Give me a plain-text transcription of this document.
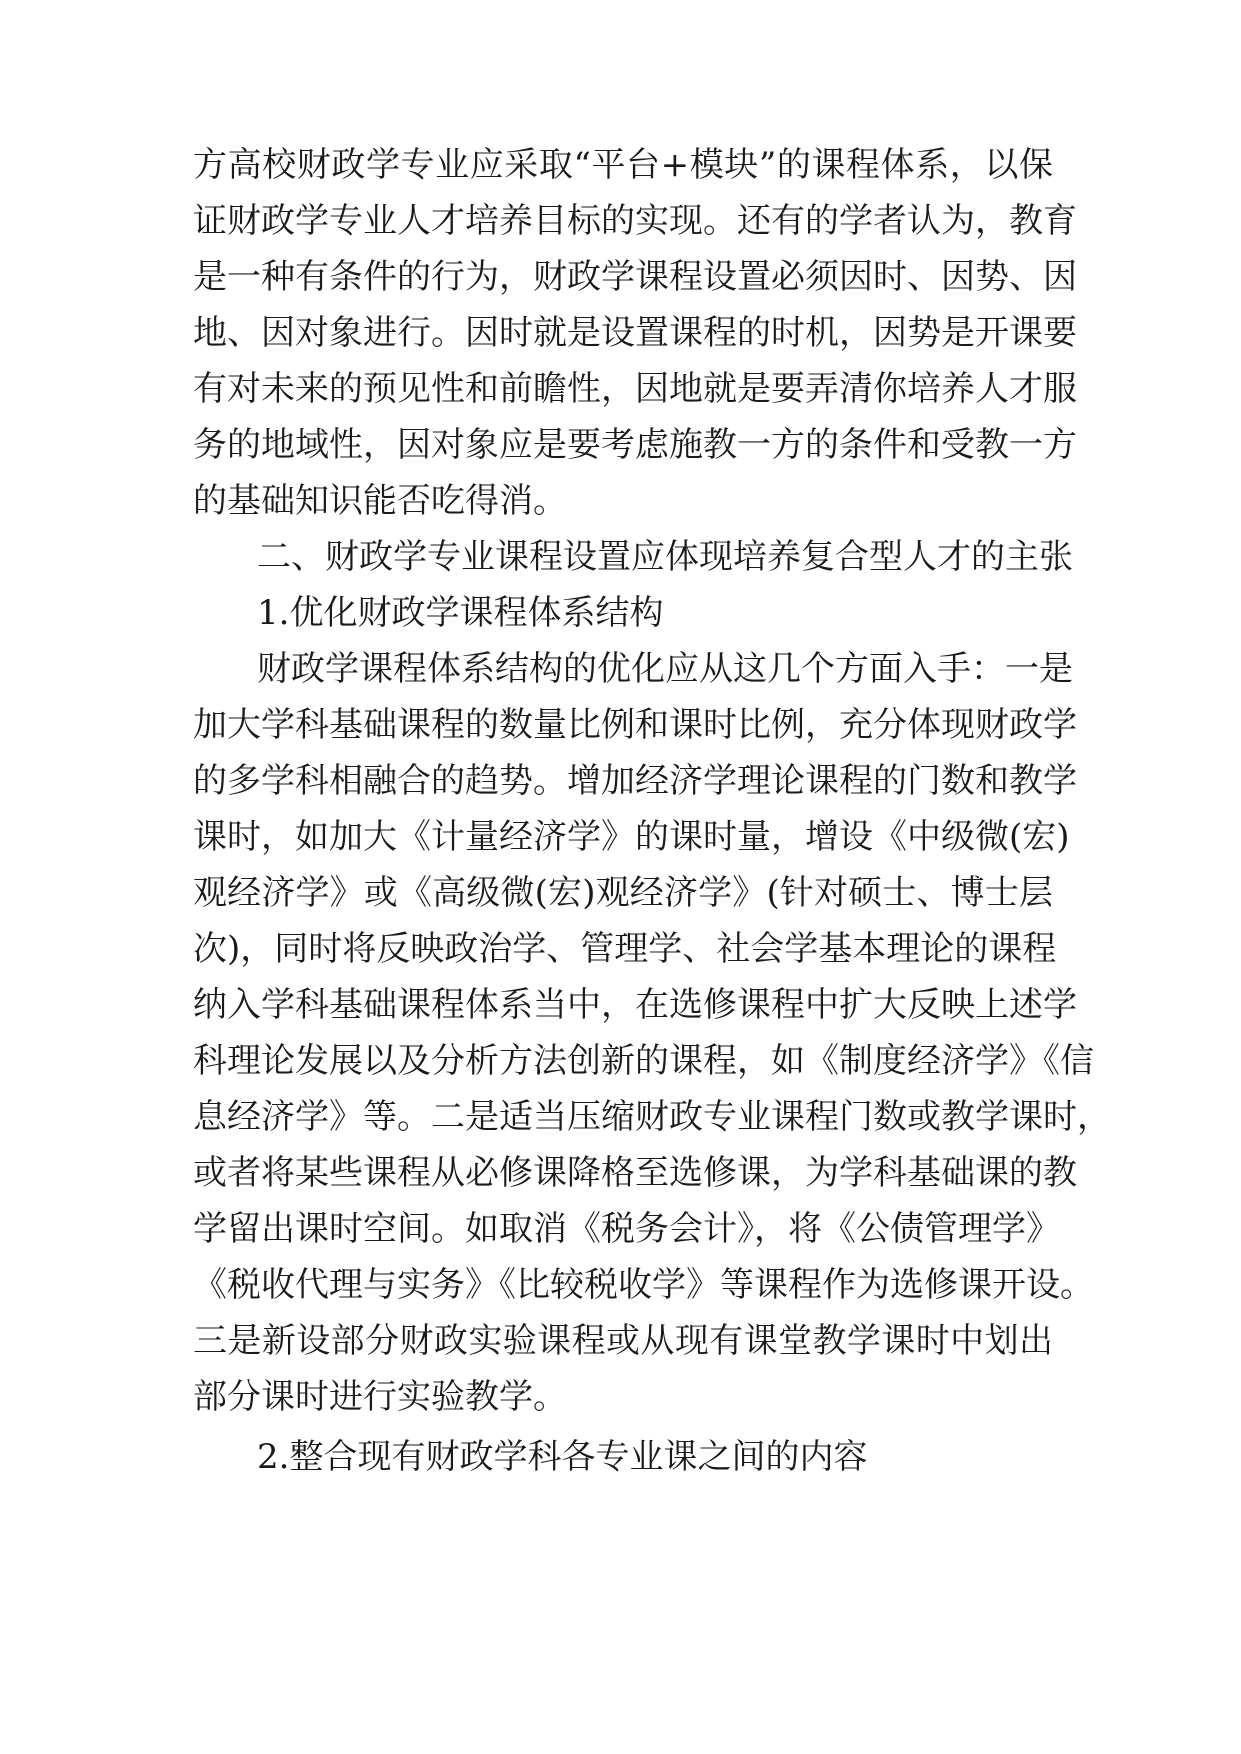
方高校财政学专业应采取“平台+模块”的课程体系，以保
证财政学专业人才培养目标的实现。还有的学者认为，教育
是一种有条件的行为，财政学课程设置必须因时、因势、因
地、因对象进行。因时就是设置课程的时机，因势是开课要
有对未来的预见性和前瞻性，因地就是要弄清你培养人才服
务的地域性，因对象应是要考虑施教一方的条件和受教一方
的基础知识能否吃得消。
二、财政学专业课程设置应体现培养复合型人才的主张
1.优化财政学课程体系结构
财政学课程体系结构的优化应从这几个方面入手：一是
加大学科基础课程的数量比例和课时比例，充分体现财政学
的多学科相融合的趋势。增加经济学理论课程的门数和教学
课时，如加大《计量经济学》的课时量，增设《中级微(宏)
观经济学》或《高级微(宏)观经济学》(针对硕士、博士层
次)，同时将反映政治学、管理学、社会学基本理论的课程
纳入学科基础课程体系当中，在选修课程中扩大反映上述学
科理论发展以及分析方法创新的课程，如《制度经济学》《信
息经济学》等。二是适当压缩财政专业课程门数或教学课时，
或者将某些课程从必修课降格至选修课，为学科基础课的教
学留出课时空间。如取消《税务会计》，将《公债管理学》
《税收代理与实务》《比较税收学》等课程作为选修课开设。
三是新设部分财政实验课程或从现有课堂教学课时中划出
部分课时进行实验教学。
2.整合现有财政学科各专业课之间的内容
